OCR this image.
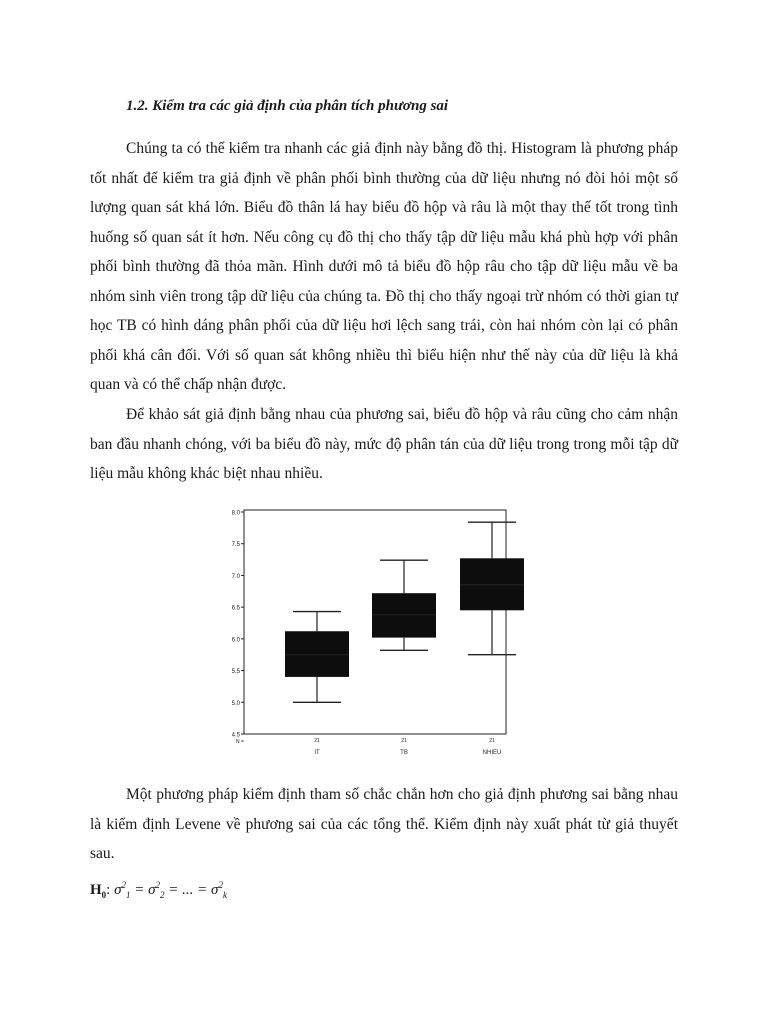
1.2. Kiểm tra các giả định của phân tích phương sai

Chúng ta có thể kiểm tra nhanh các giả định này bằng đồ thị. Histogram là phương pháp tốt nhất để kiểm tra giả định về phân phối bình thường của dữ liệu nhưng nó đòi hỏi một số lượng quan sát khá lớn. Biểu đồ thân lá hay biểu đồ hộp và râu là một thay thế tốt trong tình huống số quan sát ít hơn. Nếu công cụ đồ thị cho thấy tập dữ liệu mẫu khá phù hợp với phân phối bình thường đã thỏa mãn. Hình dưới mô tả biểu đồ hộp râu cho tập dữ liệu mẫu về ba nhóm sinh viên trong tập dữ liệu của chúng ta. Đồ thị cho thấy ngoại trừ nhóm có thời gian tự học TB có hình dáng phân phối của dữ liệu hơi lệch sang trái, còn hai nhóm còn lại có phân phối khá cân đối. Với số quan sát không nhiều thì biểu hiện như thế này của dữ liệu là khả quan và có thể chấp nhận được.

Để khảo sát giả định bằng nhau của phương sai, biểu đồ hộp và râu cũng cho cảm nhận ban đầu nhanh chóng, với ba biểu đồ này, mức độ phân tán của dữ liệu trong trong mỗi tập dữ liệu mẫu không khác biệt nhau nhiều.

8.0
7.5
7.0
6.5
6.0
5.5
5.0
4.5
N =	21
IT
21
TB
21
NHIEU

Một phương pháp kiểm định tham số chắc chắn hơn cho giả định phương sai bằng nhau là kiểm định Levene về phương sai của các tổng thể. Kiểm định này xuất phát từ giả thuyết sau.

$H_0$: $\sigma^2_1 = \sigma^2_2$ = ... = $\sigma^2_k$
